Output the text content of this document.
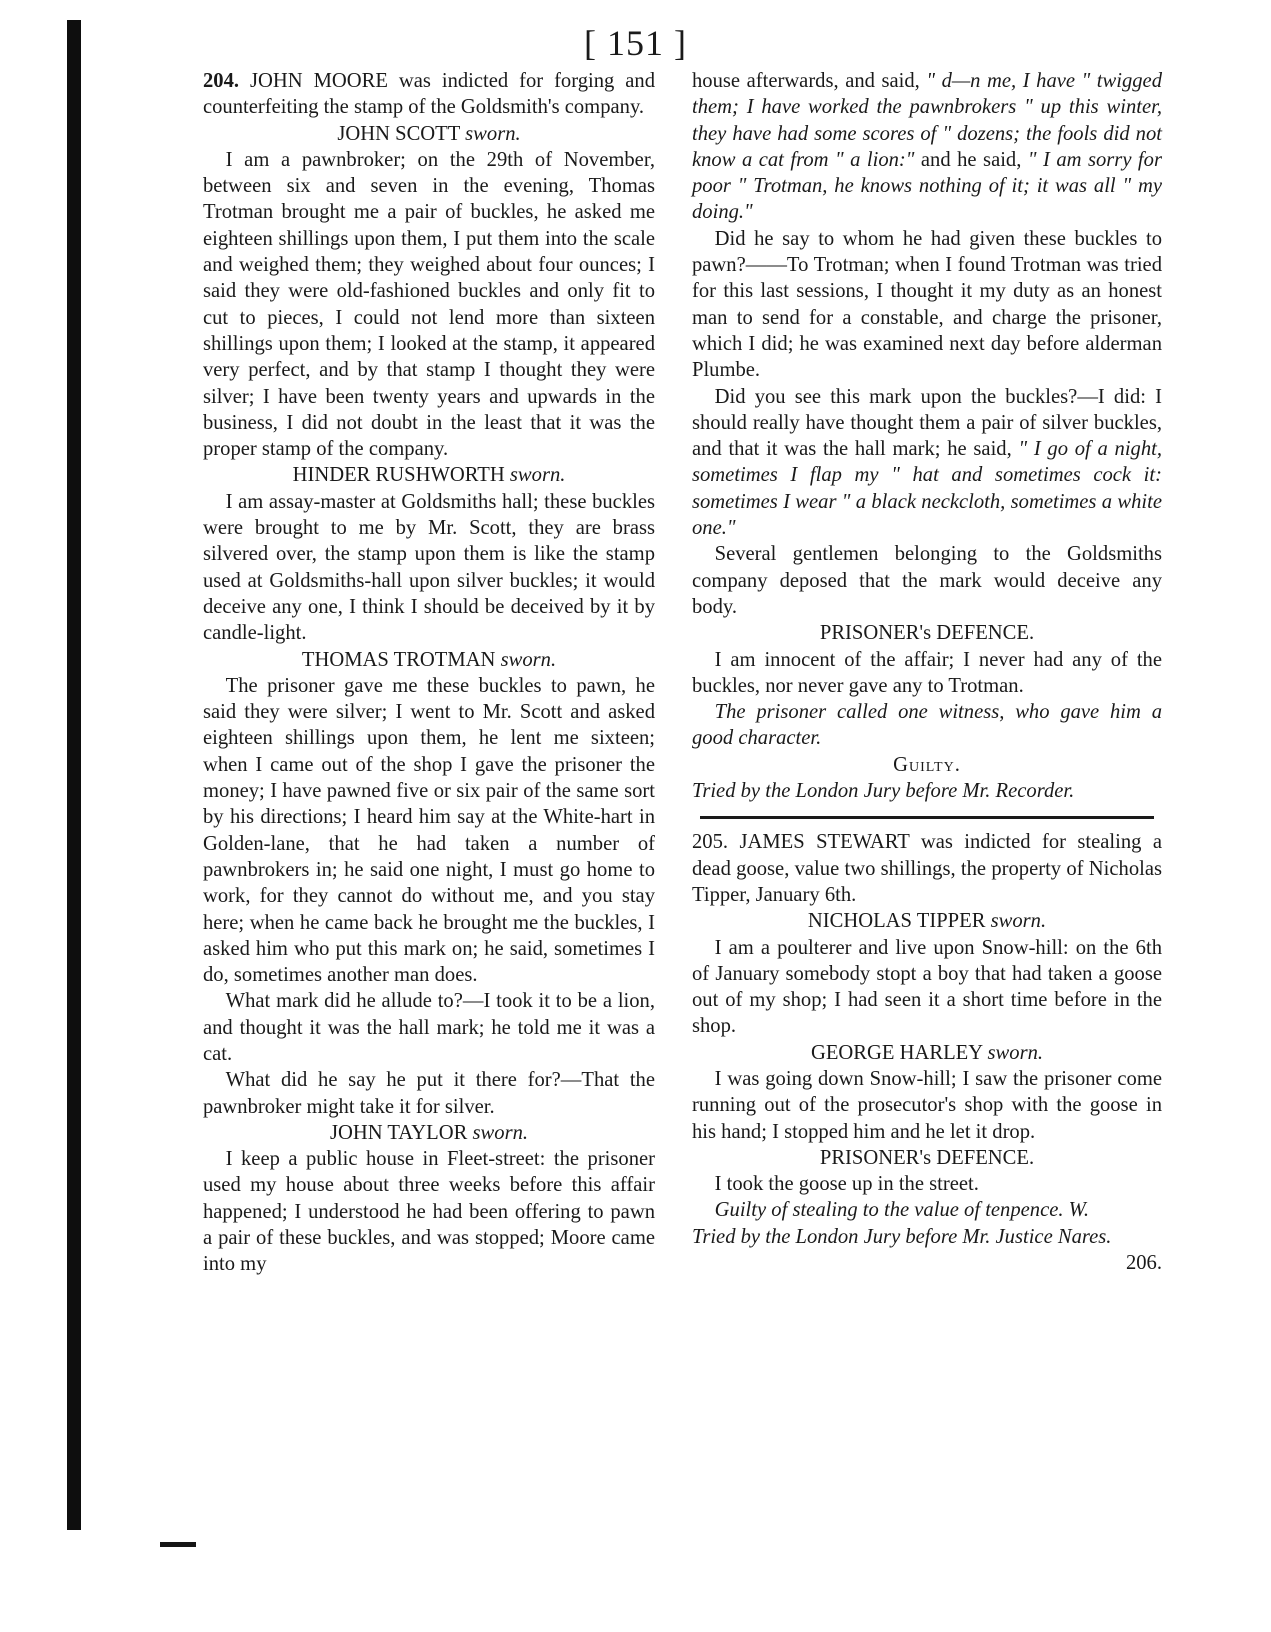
[ 151 ]

204. JOHN MOORE was indicted for forging and counterfeiting the stamp of the Goldsmith's company.

JOHN SCOTT sworn.

I am a pawnbroker; on the 29th of November, between six and seven in the evening, Thomas Trotman brought me a pair of buckles, he asked me eighteen shillings upon them, I put them into the scale and weighed them; they weighed about four ounces; I said they were old-fashioned buckles and only fit to cut to pieces, I could not lend more than sixteen shillings upon them; I looked at the stamp, it appeared very perfect, and by that stamp I thought they were silver; I have been twenty years and upwards in the business, I did not doubt in the least that it was the proper stamp of the company.

HINDER RUSHWORTH sworn.

I am assay-master at Goldsmiths hall; these buckles were brought to me by Mr. Scott, they are brass silvered over, the stamp upon them is like the stamp used at Goldsmiths-hall upon silver buckles; it would deceive any one, I think I should be deceived by it by candle-light.

THOMAS TROTMAN sworn.

The prisoner gave me these buckles to pawn, he said they were silver; I went to Mr. Scott and asked eighteen shillings upon them, he lent me sixteen; when I came out of the shop I gave the prisoner the money; I have pawned five or six pair of the same sort by his directions; I heard him say at the White-hart in Golden-lane, that he had taken a number of pawnbrokers in; he said one night, I must go home to work, for they cannot do without me, and you stay here; when he came back he brought me the buckles, I asked him who put this mark on; he said, sometimes I do, sometimes another man does.

What mark did he allude to?—I took it to be a lion, and thought it was the hall mark; he told me it was a cat.

What did he say he put it there for?—That the pawnbroker might take it for silver.

JOHN TAYLOR sworn.

I keep a public house in Fleet-street: the prisoner used my house about three weeks before this affair happened; I understood he had been offering to pawn a pair of these buckles, and was stopped; Moore came into my

house afterwards, and said, " d—n me, I have " twigged them; I have worked the pawnbrokers " up this winter, they have had some scores of " dozens; the fools did not know a cat from " a lion:" and he said, " I am sorry for poor " Trotman, he knows nothing of it; it was all " my doing."

Did he say to whom he had given these buckles to pawn?——To Trotman; when I found Trotman was tried for this last sessions, I thought it my duty as an honest man to send for a constable, and charge the prisoner, which I did; he was examined next day before alderman Plumbe.

Did you see this mark upon the buckles?—I did: I should really have thought them a pair of silver buckles, and that it was the hall mark; he said, " I go of a night, sometimes I flap my " hat and sometimes cock it: sometimes I wear " a black neckcloth, sometimes a white one."

Several gentlemen belonging to the Goldsmiths company deposed that the mark would deceive any body.

PRISONER's DEFENCE.

I am innocent of the affair; I never had any of the buckles, nor never gave any to Trotman.

The prisoner called one witness, who gave him a good character.

Guilty.

Tried by the London Jury before Mr. Recorder.

205. JAMES STEWART was indicted for stealing a dead goose, value two shillings, the property of Nicholas Tipper, January 6th.

NICHOLAS TIPPER sworn.

I am a poulterer and live upon Snow-hill: on the 6th of January somebody stopt a boy that had taken a goose out of my shop; I had seen it a short time before in the shop.

GEORGE HARLEY sworn.

I was going down Snow-hill; I saw the prisoner come running out of the prosecutor's shop with the goose in his hand; I stopped him and he let it drop.

PRISONER's DEFENCE.

I took the goose up in the street.

Guilty of stealing to the value of tenpence. W.

Tried by the London Jury before Mr. Justice Nares.

206.
